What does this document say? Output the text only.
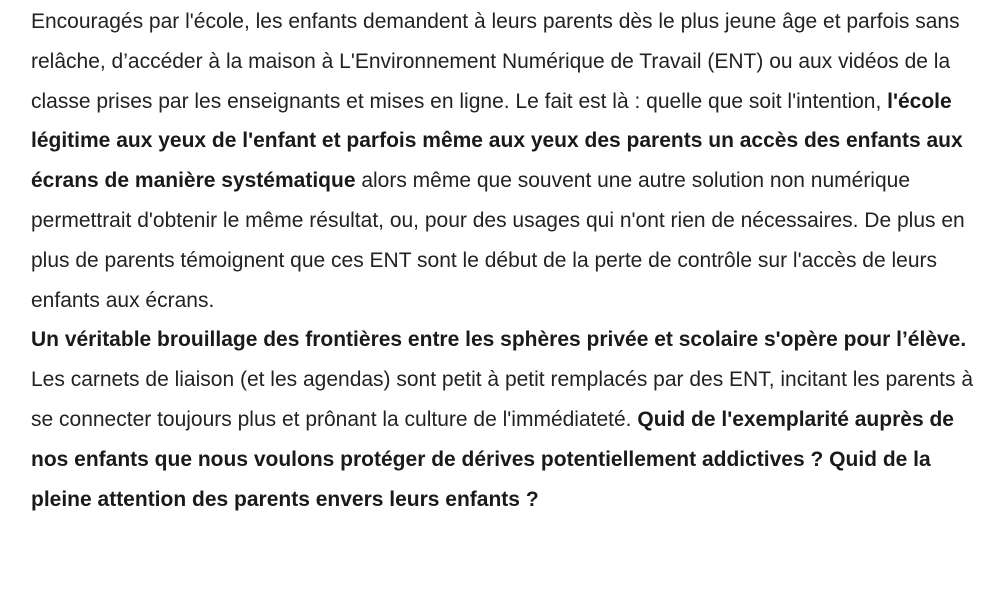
Encouragés par l'école, les enfants demandent à leurs parents dès le plus jeune âge et parfois sans relâche, d’accéder à la maison à L'Environnement Numérique de Travail (ENT) ou aux vidéos de la classe prises par les enseignants et mises en ligne. Le fait est là : quelle que soit l'intention, l'école légitime aux yeux de l'enfant et parfois même aux yeux des parents un accès des enfants aux écrans de manière systématique alors même que souvent une autre solution non numérique permettrait d'obtenir le même résultat, ou, pour des usages qui n'ont rien de nécessaires. De plus en plus de parents témoignent que ces ENT sont le début de la perte de contrôle sur l'accès de leurs enfants aux écrans.

Un véritable brouillage des frontières entre les sphères privée et scolaire s'opère pour l’élève.

Les carnets de liaison (et les agendas) sont petit à petit remplacés par des ENT, incitant les parents à se connecter toujours plus et prônant la culture de l'immédiateté. Quid de l'exemplarité auprès de nos enfants que nous voulons protéger de dérives potentiellement addictives ? Quid de la pleine attention des parents envers leurs enfants ?
